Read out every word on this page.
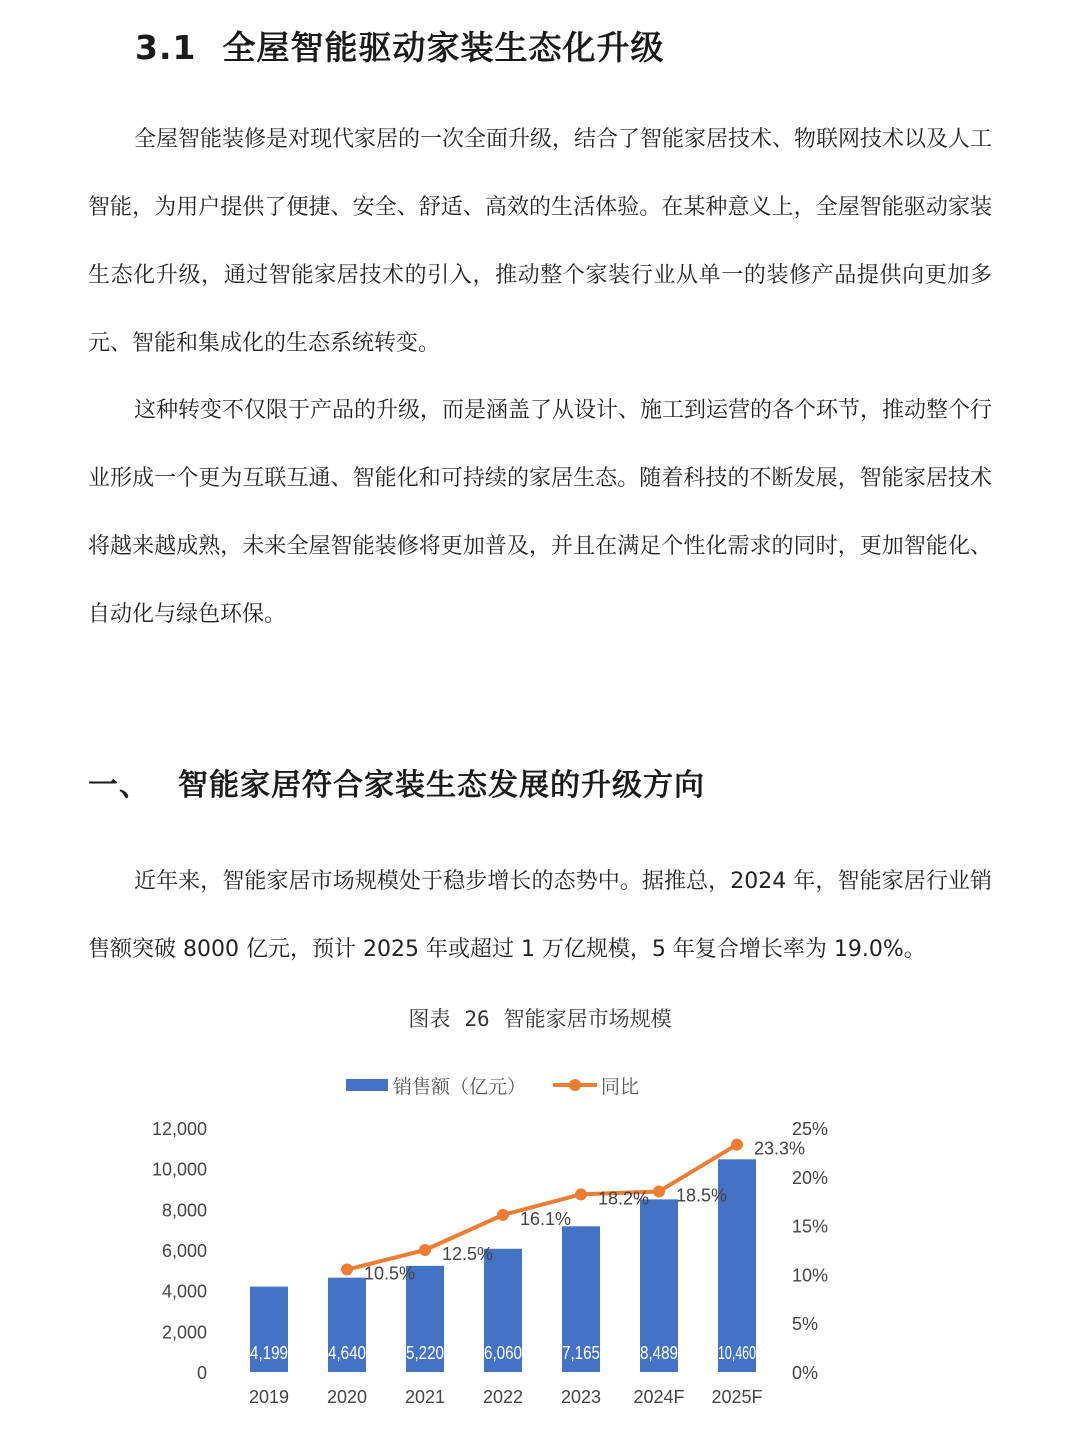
3.1 全屋智能驱动家装生态化升级

全屋智能装修是对现代家居的一次全面升级，结合了智能家居技术、物联网技术以及人工智能，为用户提供了便捷、安全、舒适、高效的生活体验。在某种意义上，全屋智能驱动家装生态化升级，通过智能家居技术的引入，推动整个家装行业从单一的装修产品提供向更加多元、智能和集成化的生态系统转变。

这种转变不仅限于产品的升级，而是涵盖了从设计、施工到运营的各个环节，推动整个行业形成一个更为互联互通、智能化和可持续的家居生态。随着科技的不断发展，智能家居技术将越来越成熟，未来全屋智能装修将更加普及，并且在满足个性化需求的同时，更加智能化、自动化与绿色环保。

一、 智能家居符合家装生态发展的升级方向

近年来，智能家居市场规模处于稳步增长的态势中。据推总，2024 年，智能家居行业销售额突破 8000 亿元，预计 2025 年或超过 1 万亿规模，5 年复合增长率为 19.0%。

图表 26 智能家居市场规模

0
2,000
4,000
6,000
8,000
10,000
12,000
0%
5%
10%
15%
20%
25%
2019
4,199
2020
4,640
2021
5,220
2022
6,060
2023
7,165
2024F
8,489
2025F
10,460
10.5%
12.5%
16.1%
18.2% 18.5%
23.3%
销售额（亿元）	同比
